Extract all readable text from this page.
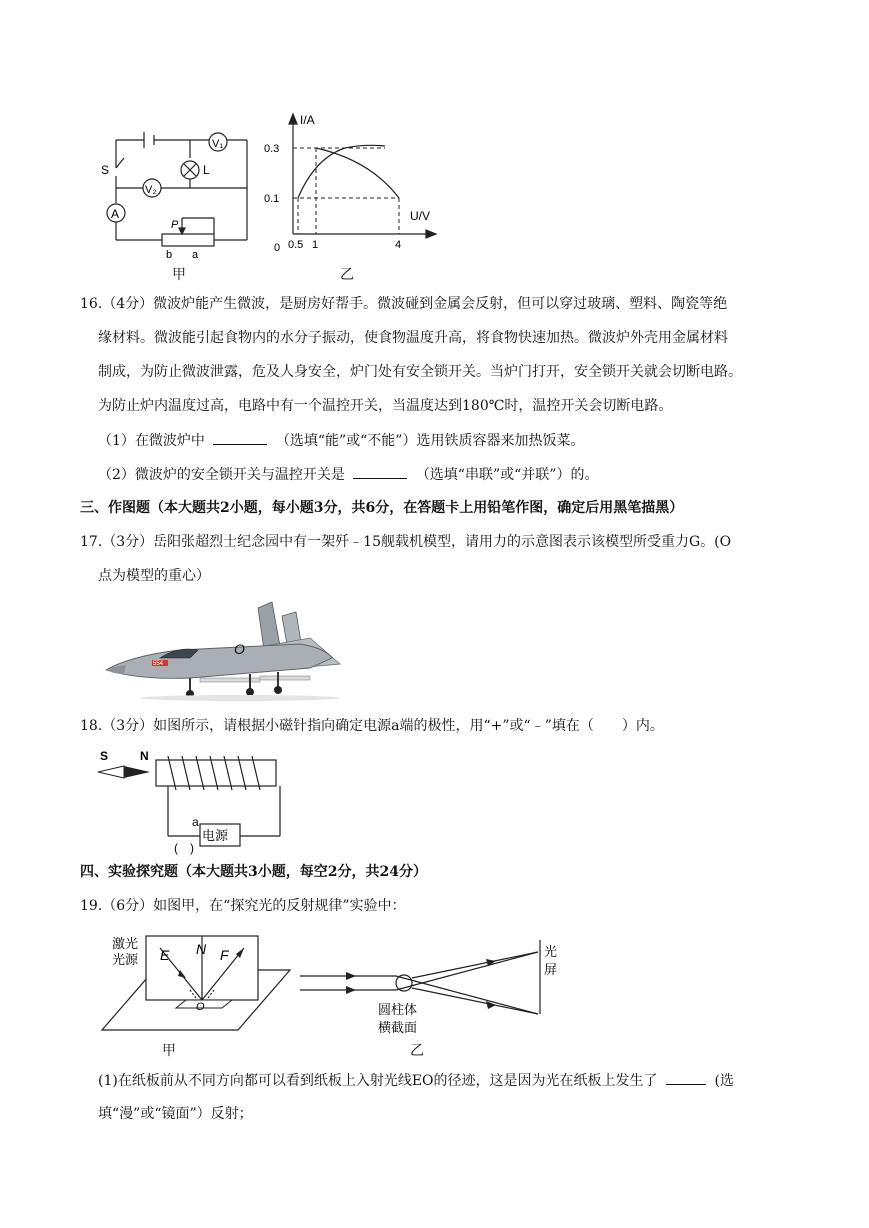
S
V₁
L
V₂
A
P
b a
甲
I/A
U/V
0
0.3
0.1
0.5 1	4
乙
16.（4分）微波炉能产生微波，是厨房好帮手。微波碰到金属会反射，但可以穿过玻璃、塑料、陶瓷等绝
缘材料。微波能引起食物内的水分子振动，使食物温度升高，将食物快速加热。微波炉外壳用金属材料
制成，为防止微波泄露，危及人身安全，炉门处有安全锁开关。当炉门打开，安全锁开关就会切断电路。
为防止炉内温度过高，电路中有一个温控开关，当温度达到180℃时，温控开关会切断电路。
（1）在微波炉中	（选填“能”或“不能”）选用铁质容器来加热饭菜。
（2）微波炉的安全锁开关与温控开关是	（选填“串联”或“并联”）的。
三、作图题（本大题共2小题，每小题3分，共6分，在答题卡上用铅笔作图，确定后用黑笔描黑）
17.（3分）岳阳张超烈士纪念园中有一架歼﹣15舰载机模型，请用力的示意图表示该模型所受重力G。(O
点为模型的重心）
554
O
18.（3分）如图所示，请根据小磁针指向确定电源a端的极性，用“+”或“﹣”填在（　　）内。
S	N
电源
a
(　)
四、实验探究题（本大题共3小题，每空2分，共24分）
19.（6分）如图甲，在“探究光的反射规律”实验中：
激光
光源 E N F
O
甲
圆柱体
横截面
光
屏
乙
(1)在纸板前从不同方向都可以看到纸板上入射光线EO的径迹，这是因为光在纸板上发生了	(选
填“漫”或“镜面”）反射；
